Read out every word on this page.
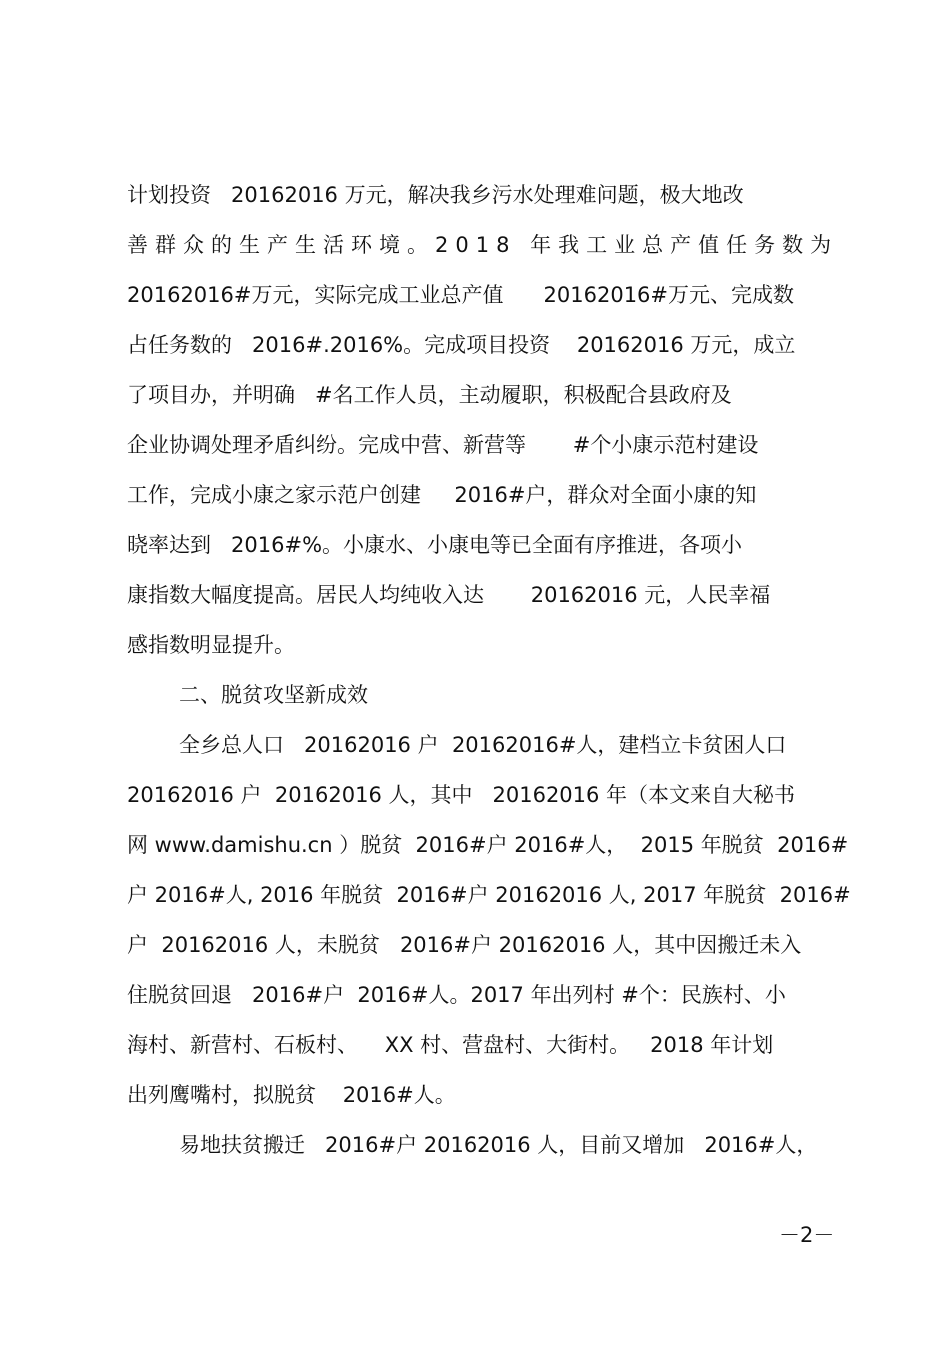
计划投资   20162016 万元，解决我乡污水处理难问题，极大地改
善群众的生产生活环境。2018 年我工业总产值任务数为
20162016#万元，实际完成工业总产值      20162016#万元、完成数
占任务数的   2016#.2016%。完成项目投资    20162016 万元，成立
了项目办，并明确   #名工作人员，主动履职，积极配合县政府及
企业协调处理矛盾纠纷。完成中营、新营等       #个小康示范村建设
工作，完成小康之家示范户创建     2016#户，群众对全面小康的知
晓率达到   2016#%。小康水、小康电等已全面有序推进，各项小
康指数大幅度提高。居民人均纯收入达       20162016 元，人民幸福
感指数明显提升。
二、脱贫攻坚新成效
全乡总人口   20162016 户  20162016#人，建档立卡贫困人口
20162016 户  20162016 人，其中   20162016 年（本文来自大秘书
网 www.damishu.cn ）脱贫  2016#户 2016#人，  2015 年脱贫  2016#
户 2016#人, 2016 年脱贫  2016#户 20162016 人, 2017 年脱贫  2016#
户  20162016 人，未脱贫   2016#户 20162016 人，其中因搬迁未入
住脱贫回退   2016#户  2016#人。2017 年出列村 #个：民族村、小
海村、新营村、石板村、    XX 村、营盘村、大街村。   2018 年计划
出列鹰嘴村，拟脱贫    2016#人。
易地扶贫搬迁   2016#户 20162016 人，目前又增加   2016#人，
－2－
